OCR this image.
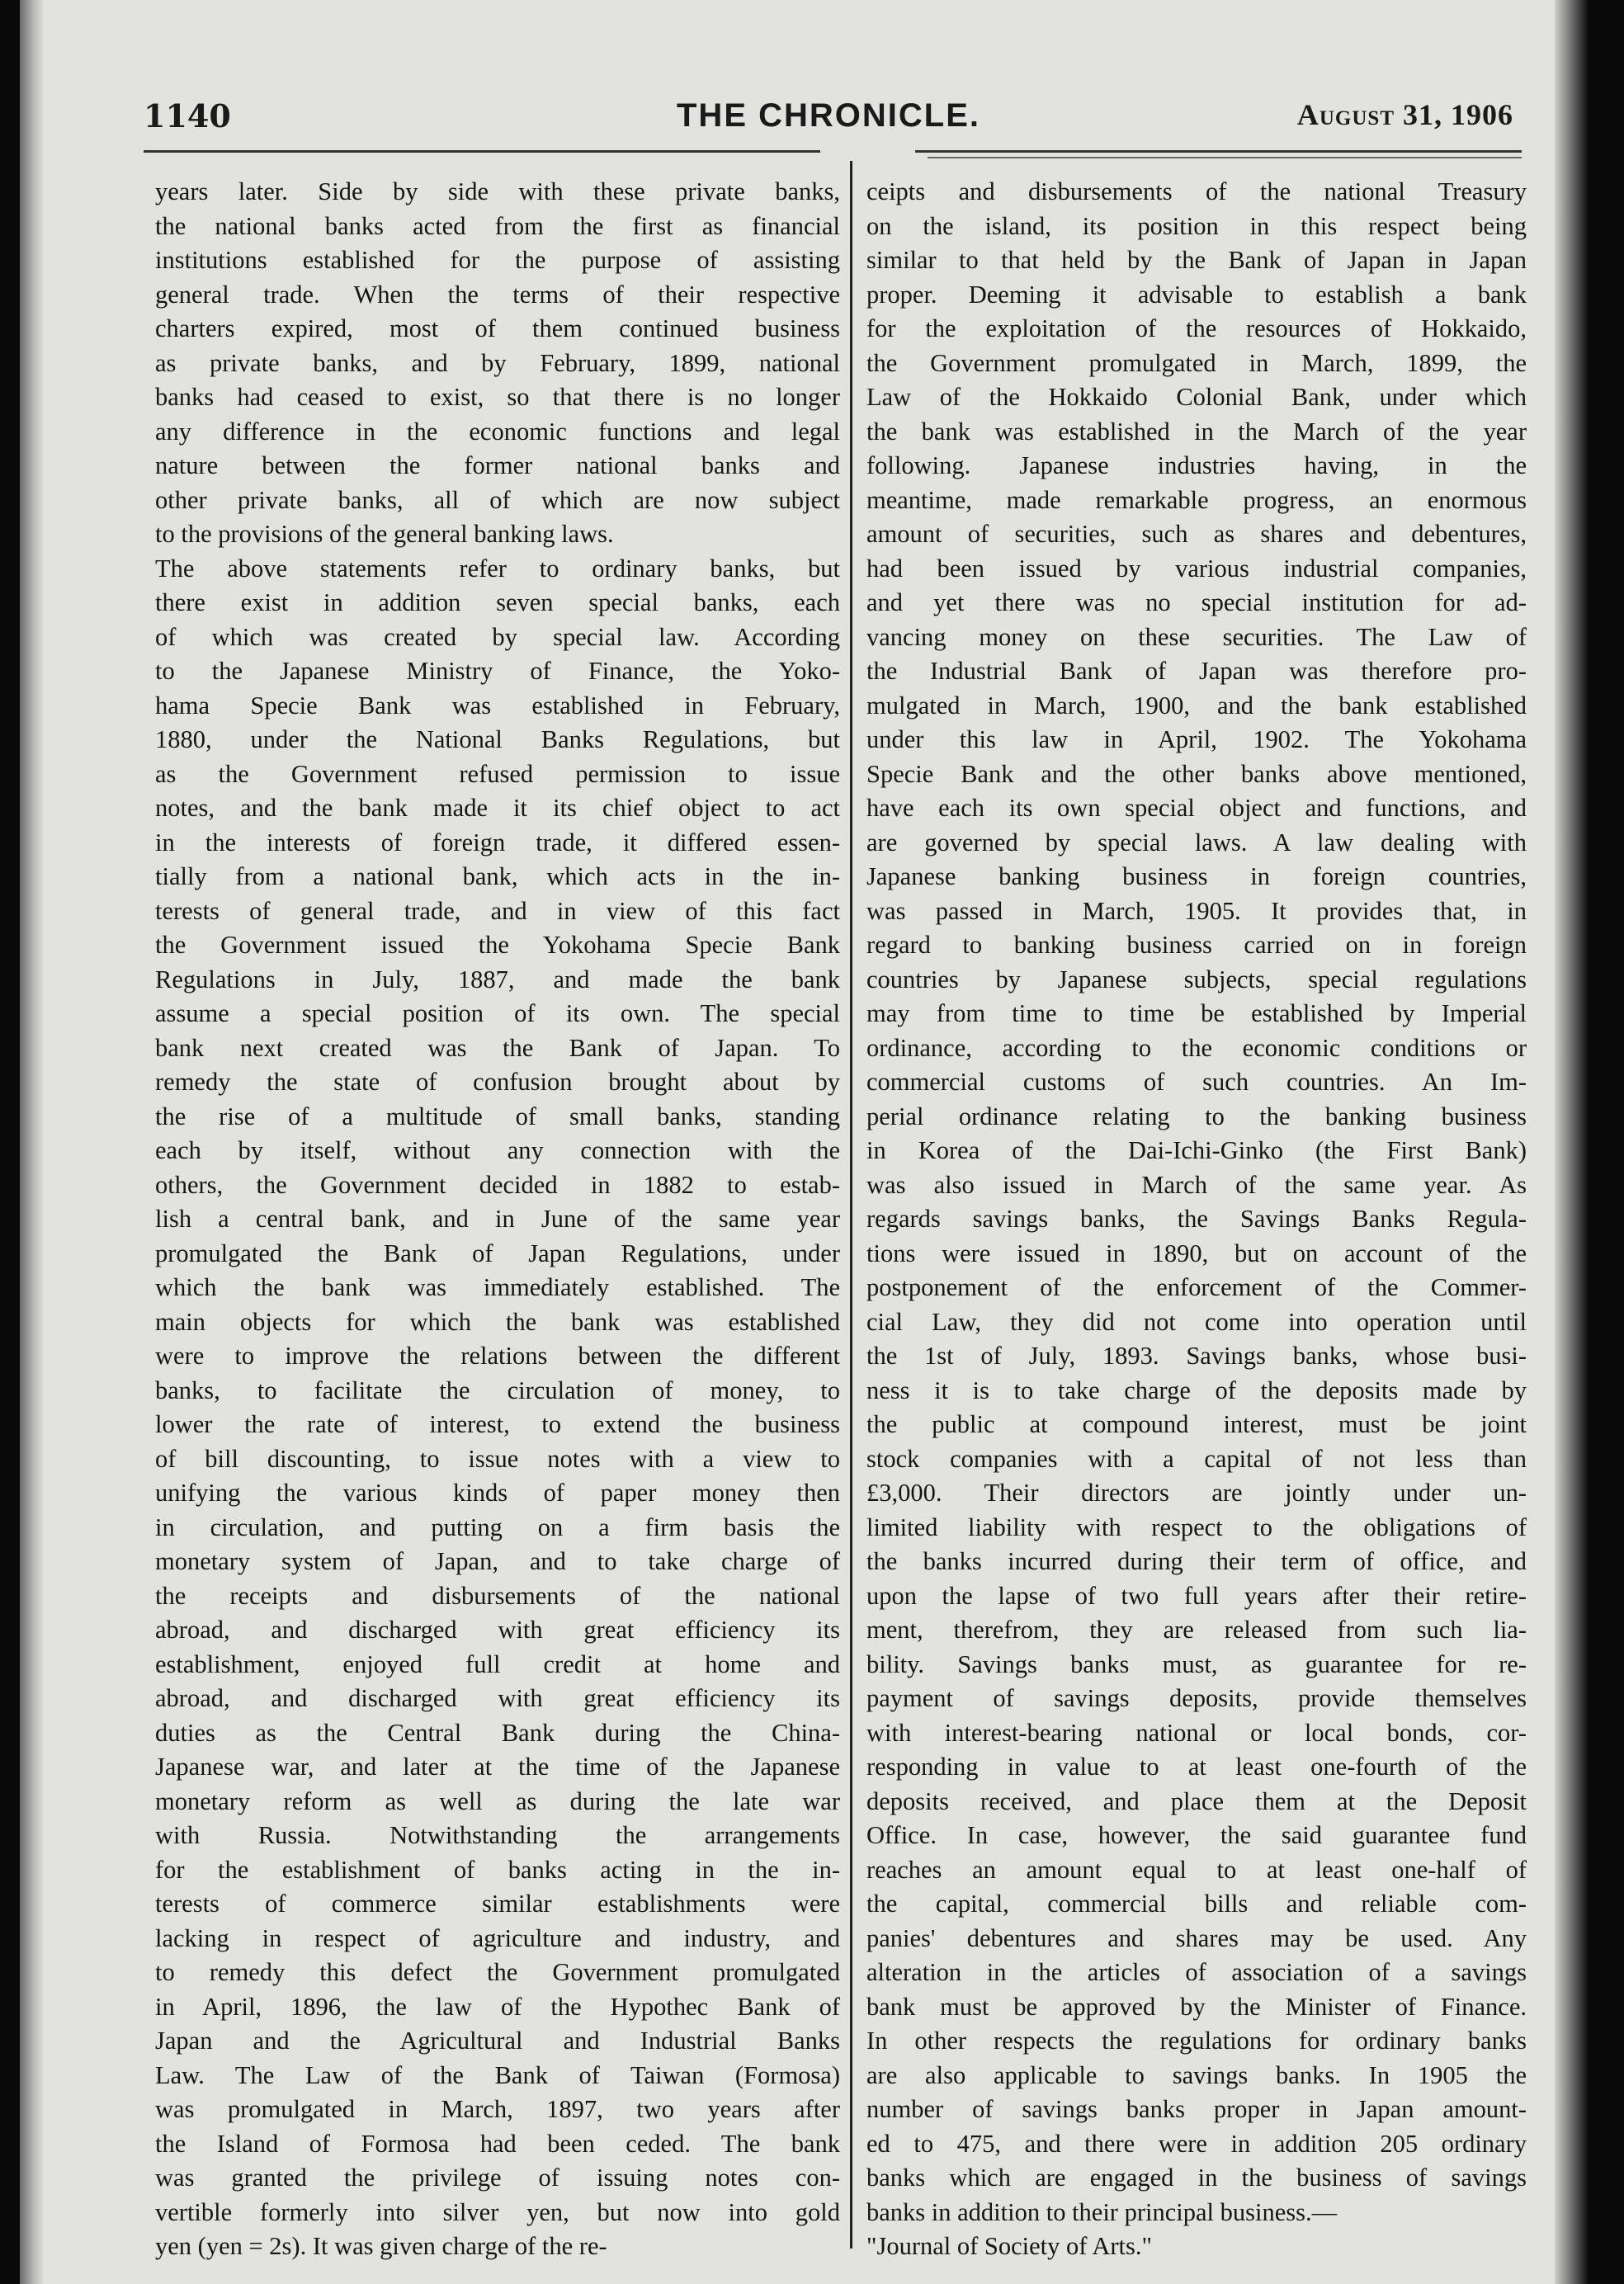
1140	THE CHRONICLE.	August 31, 1906
years later. Side by side with these private banks,
the national banks acted from the first as financial
institutions established for the purpose of assisting
general trade. When the terms of their respective
charters expired, most of them continued business
as private banks, and by February, 1899, national
banks had ceased to exist, so that there is no longer
any difference in the economic functions and legal
nature between the former national banks and
other private banks, all of which are now subject
to the provisions of the general banking laws.
The above statements refer to ordinary banks, but
there exist in addition seven special banks, each
of which was created by special law. According
to the Japanese Ministry of Finance, the Yoko-
hama Specie Bank was established in February,
1880, under the National Banks Regulations, but
as the Government refused permission to issue
notes, and the bank made it its chief object to act
in the interests of foreign trade, it differed essen-
tially from a national bank, which acts in the in-
terests of general trade, and in view of this fact
the Government issued the Yokohama Specie Bank
Regulations in July, 1887, and made the bank
assume a special position of its own. The special
bank next created was the Bank of Japan. To
remedy the state of confusion brought about by
the rise of a multitude of small banks, standing
each by itself, without any connection with the
others, the Government decided in 1882 to estab-
lish a central bank, and in June of the same year
promulgated the Bank of Japan Regulations, under
which the bank was immediately established. The
main objects for which the bank was established
were to improve the relations between the different
banks, to facilitate the circulation of money, to
lower the rate of interest, to extend the business
of bill discounting, to issue notes with a view to
unifying the various kinds of paper money then
in circulation, and putting on a firm basis the
monetary system of Japan, and to take charge of
the receipts and disbursements of the national
abroad, and discharged with great efficiency its
establishment, enjoyed full credit at home and
abroad, and discharged with great efficiency its
duties as the Central Bank during the China-
Japanese war, and later at the time of the Japanese
monetary reform as well as during the late war
with Russia. Notwithstanding the arrangements
for the establishment of banks acting in the in-
terests of commerce similar establishments were
lacking in respect of agriculture and industry, and
to remedy this defect the Government promulgated
in April, 1896, the law of the Hypothec Bank of
Japan and the Agricultural and Industrial Banks
Law. The Law of the Bank of Taiwan (Formosa)
was promulgated in March, 1897, two years after
the Island of Formosa had been ceded. The bank
was granted the privilege of issuing notes con-
vertible formerly into silver yen, but now into gold
yen (yen = 2s). It was given charge of the re-
ceipts and disbursements of the national Treasury
on the island, its position in this respect being
similar to that held by the Bank of Japan in Japan
proper. Deeming it advisable to establish a bank
for the exploitation of the resources of Hokkaido,
the Government promulgated in March, 1899, the
Law of the Hokkaido Colonial Bank, under which
the bank was established in the March of the year
following. Japanese industries having, in the
meantime, made remarkable progress, an enormous
amount of securities, such as shares and debentures,
had been issued by various industrial companies,
and yet there was no special institution for ad-
vancing money on these securities. The Law of
the Industrial Bank of Japan was therefore pro-
mulgated in March, 1900, and the bank established
under this law in April, 1902. The Yokohama
Specie Bank and the other banks above mentioned,
have each its own special object and functions, and
are governed by special laws. A law dealing with
Japanese banking business in foreign countries,
was passed in March, 1905. It provides that, in
regard to banking business carried on in foreign
countries by Japanese subjects, special regulations
may from time to time be established by Imperial
ordinance, according to the economic conditions or
commercial customs of such countries. An Im-
perial ordinance relating to the banking business
in Korea of the Dai-Ichi-Ginko (the First Bank)
was also issued in March of the same year. As
regards savings banks, the Savings Banks Regula-
tions were issued in 1890, but on account of the
postponement of the enforcement of the Commer-
cial Law, they did not come into operation until
the 1st of July, 1893. Savings banks, whose busi-
ness it is to take charge of the deposits made by
the public at compound interest, must be joint
stock companies with a capital of not less than
£3,000. Their directors are jointly under un-
limited liability with respect to the obligations of
the banks incurred during their term of office, and
upon the lapse of two full years after their retire-
ment, therefrom, they are released from such lia-
bility. Savings banks must, as guarantee for re-
payment of savings deposits, provide themselves
with interest-bearing national or local bonds, cor-
responding in value to at least one-fourth of the
deposits received, and place them at the Deposit
Office. In case, however, the said guarantee fund
reaches an amount equal to at least one-half of
the capital, commercial bills and reliable com-
panies' debentures and shares may be used. Any
alteration in the articles of association of a savings
bank must be approved by the Minister of Finance.
In other respects the regulations for ordinary banks
are also applicable to savings banks. In 1905 the
number of savings banks proper in Japan amount-
ed to 475, and there were in addition 205 ordinary
banks which are engaged in the business of savings
banks in addition to their principal business.—
"Journal of Society of Arts."
